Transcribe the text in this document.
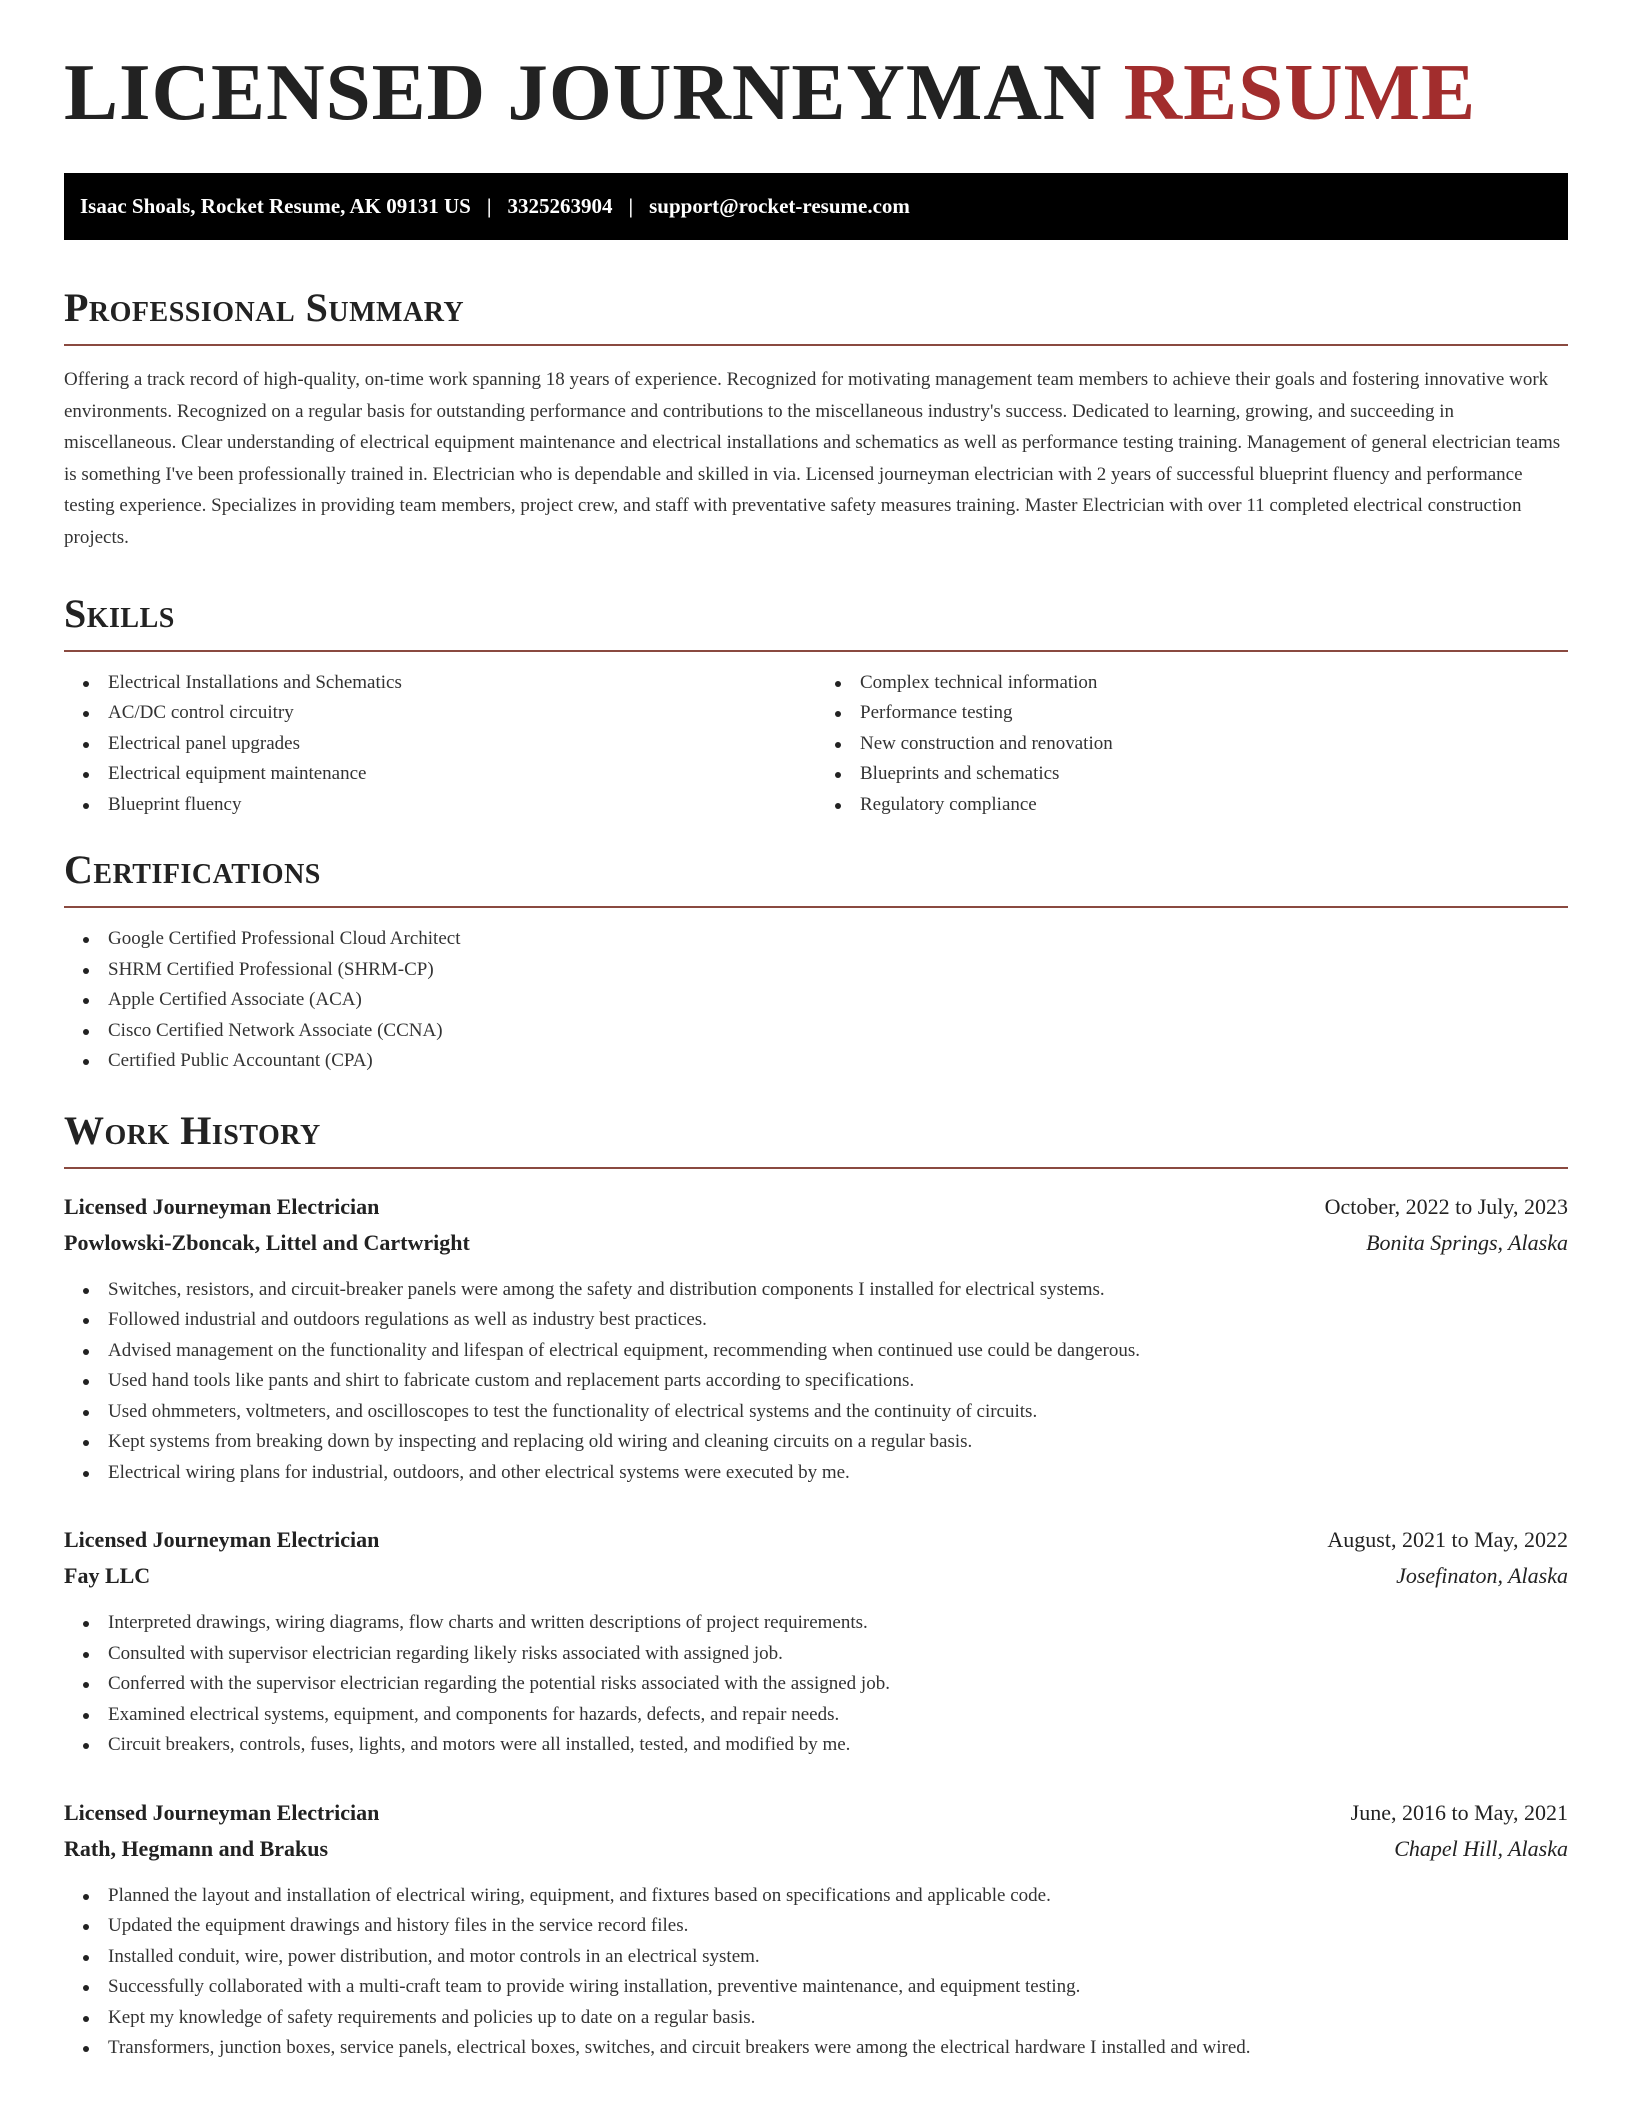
LICENSED JOURNEYMAN RESUME
Isaac Shoals, Rocket Resume, AK 09131 US | 3325263904 | support@rocket-resume.com
Professional Summary

Offering a track record of high-quality, on-time work spanning 18 years of experience. Recognized for motivating management team members to achieve their goals and fostering innovative work environments. Recognized on a regular basis for outstanding performance and contributions to the miscellaneous industry's success. Dedicated to learning, growing, and succeeding in miscellaneous. Clear understanding of electrical equipment maintenance and electrical installations and schematics as well as performance testing training. Management of general electrician teams is something I've been professionally trained in. Electrician who is dependable and skilled in via. Licensed journeyman electrician with 2 years of successful blueprint fluency and performance testing experience. Specializes in providing team members, project crew, and staff with preventative safety measures training. Master Electrician with over 11 completed electrical construction projects.

Skills
Electrical Installations and Schematics
AC/DC control circuitry
Electrical panel upgrades
Electrical equipment maintenance
Blueprint fluency
Complex technical information
Performance testing
New construction and renovation
Blueprints and schematics
Regulatory compliance
Certifications
Google Certified Professional Cloud Architect
SHRM Certified Professional (SHRM-CP)
Apple Certified Associate (ACA)
Cisco Certified Network Associate (CCNA)
Certified Public Accountant (CPA)
Work History
Licensed Journeyman Electrician	October, 2022 to July, 2023
Powlowski-Zboncak, Littel and Cartwright	Bonita Springs, Alaska
Switches, resistors, and circuit-breaker panels were among the safety and distribution components I installed for electrical systems.
Followed industrial and outdoors regulations as well as industry best practices.
Advised management on the functionality and lifespan of electrical equipment, recommending when continued use could be dangerous.
Used hand tools like pants and shirt to fabricate custom and replacement parts according to specifications.
Used ohmmeters, voltmeters, and oscilloscopes to test the functionality of electrical systems and the continuity of circuits.
Kept systems from breaking down by inspecting and replacing old wiring and cleaning circuits on a regular basis.
Electrical wiring plans for industrial, outdoors, and other electrical systems were executed by me.
Licensed Journeyman Electrician	August, 2021 to May, 2022
Fay LLC	Josefinaton, Alaska
Interpreted drawings, wiring diagrams, flow charts and written descriptions of project requirements.
Consulted with supervisor electrician regarding likely risks associated with assigned job.
Conferred with the supervisor electrician regarding the potential risks associated with the assigned job.
Examined electrical systems, equipment, and components for hazards, defects, and repair needs.
Circuit breakers, controls, fuses, lights, and motors were all installed, tested, and modified by me.
Licensed Journeyman Electrician	June, 2016 to May, 2021
Rath, Hegmann and Brakus	Chapel Hill, Alaska
Planned the layout and installation of electrical wiring, equipment, and fixtures based on specifications and applicable code.
Updated the equipment drawings and history files in the service record files.
Installed conduit, wire, power distribution, and motor controls in an electrical system.
Successfully collaborated with a multi-craft team to provide wiring installation, preventive maintenance, and equipment testing.
Kept my knowledge of safety requirements and policies up to date on a regular basis.
Transformers, junction boxes, service panels, electrical boxes, switches, and circuit breakers were among the electrical hardware I installed and wired.
